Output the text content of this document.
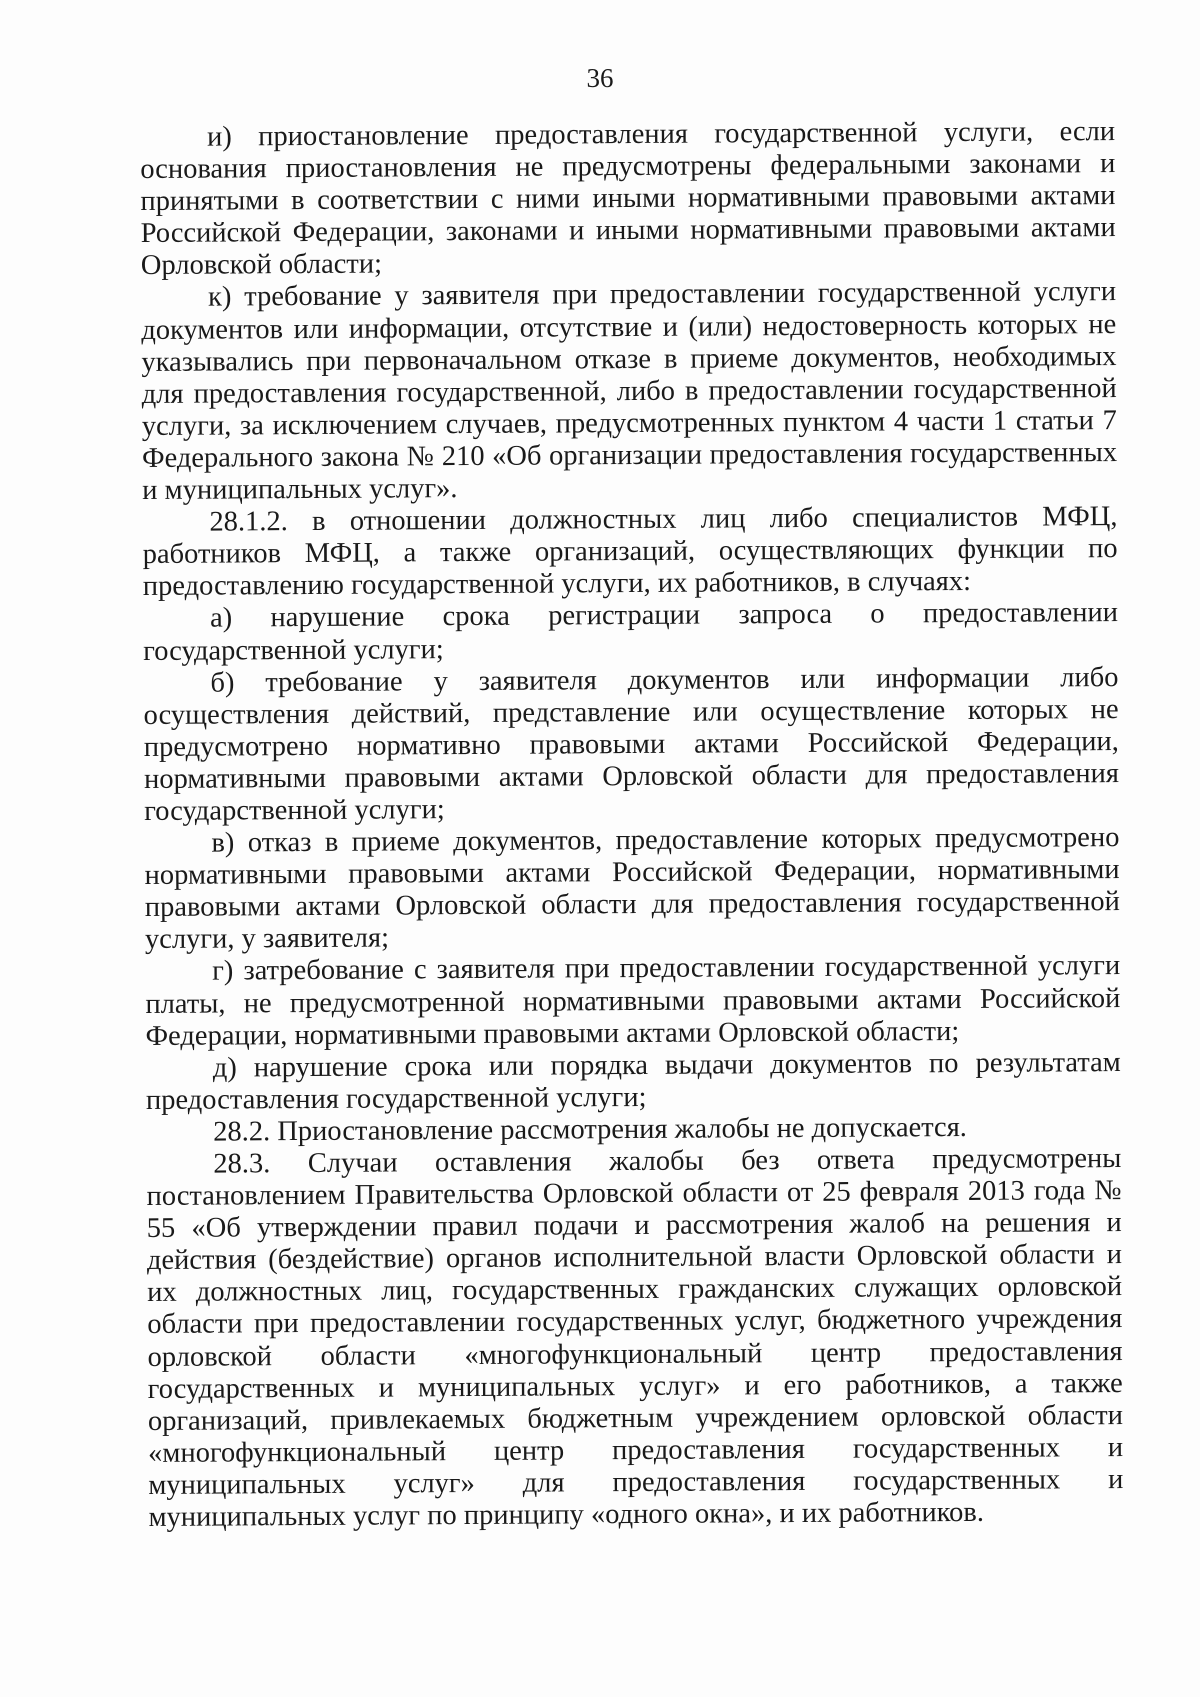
36

и) приостановление предоставления государственной услуги, если основания приостановления не предусмотрены федеральными законами и принятыми в соответствии с ними иными нормативными правовыми актами Российской Федерации, законами и иными нормативными правовыми актами Орловской области;

к) требование у заявителя при предоставлении государственной услуги документов или информации, отсутствие и (или) недостоверность которых не указывались при первоначальном отказе в приеме документов, необходимых для предоставления государственной, либо в предоставлении государственной услуги, за исключением случаев, предусмотренных пунктом 4 части 1 статьи 7 Федерального закона № 210 «Об организации предоставления государственных и муниципальных услуг».

28.1.2. в отношении должностных лиц либо специалистов МФЦ, работников МФЦ, а также организаций, осуществляющих функции по предоставлению государственной услуги, их работников, в случаях:

а) нарушение срока регистрации запроса о предоставлении государственной услуги;

б) требование у заявителя документов или информации либо осуществления действий, представление или осуществление которых не предусмотрено нормативно правовыми актами Российской Федерации, нормативными правовыми актами Орловской области для предоставления государственной услуги;

в) отказ в приеме документов, предоставление которых предусмотрено нормативными правовыми актами Российской Федерации, нормативными правовыми актами Орловской области для предоставления государственной услуги, у заявителя;

г) затребование с заявителя при предоставлении государственной услуги платы, не предусмотренной нормативными правовыми актами Российской Федерации, нормативными правовыми актами Орловской области;

д) нарушение срока или порядка выдачи документов по результатам предоставления государственной услуги;

28.2. Приостановление рассмотрения жалобы не допускается.

28.3. Случаи оставления жалобы без ответа предусмотрены постановлением Правительства Орловской области от 25 февраля 2013 года № 55 «Об утверждении правил подачи и рассмотрения жалоб на решения и действия (бездействие) органов исполнительной власти Орловской области и их должностных лиц, государственных гражданских служащих орловской области при предоставлении государственных услуг, бюджетного учреждения орловской области «многофункциональный центр предоставления государственных и муниципальных услуг» и его работников, а также организаций, привлекаемых бюджетным учреждением орловской области «многофункциональный центр предоставления государственных и муниципальных услуг» для предоставления государственных и муниципальных услуг по принципу «одного окна», и их работников.
